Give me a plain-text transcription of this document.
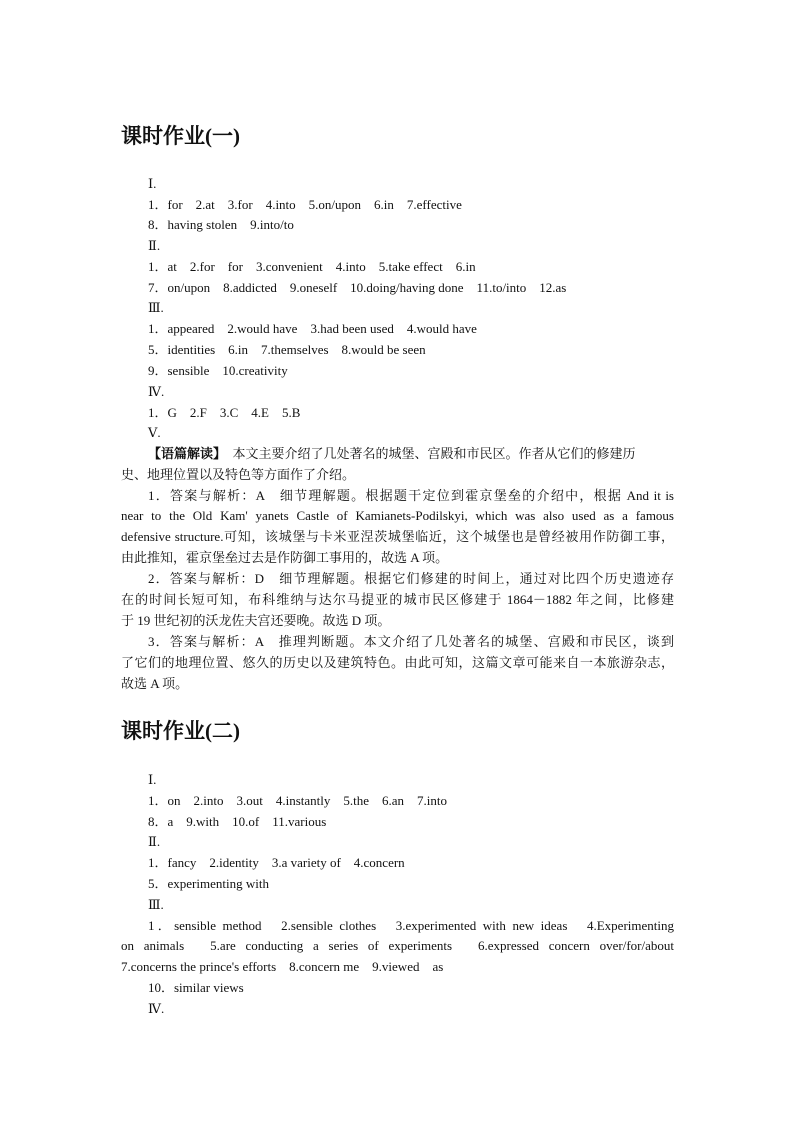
课时作业(一)
Ⅰ.
1．for　2.at　3.for　4.into　5.on/upon　6.in　7.effective
8．having stolen　9.into/to
Ⅱ.
1．at　2.for　for　3.convenient　4.into　5.take effect　6.in
7．on/upon　8.addicted　9.oneself　10.doing/having done　11.to/into　12.as
Ⅲ.
1．appeared　2.would have　3.had been used　4.would have
5．identities　6.in　7.themselves　8.would be seen
9．sensible　10.creativity
Ⅳ.
1．G　2.F　3.C　4.E　5.B
Ⅴ.
【语篇解读】　本文主要介绍了几处著名的城堡、宫殿和市民区。作者从它们的修建历
史、地理位置以及特色等方面作了介绍。
1．答案与解析：A　细节理解题。根据题干定位到霍京堡垒的介绍中，根据 And it is
near to the Old Kam' yanets Castle of Kamianets-Podilskyi, which was also used as a famous
defensive structure.可知，该城堡与卡米亚涅茨城堡临近，这个城堡也是曾经被用作防御工事，
由此推知，霍京堡垒过去是作防御工事用的，故选 A 项。
2．答案与解析：D　细节理解题。根据它们修建的时间上，通过对比四个历史遗迹存
在的时间长短可知，布科维纳与达尔马提亚的城市民区修建于 1864－1882 年之间，比修建
于 19 世纪初的沃龙佐夫宫还要晚。故选 D 项。
3．答案与解析：A　推理判断题。本文介绍了几处著名的城堡、宫殿和市民区，谈到
了它们的地理位置、悠久的历史以及建筑特色。由此可知，这篇文章可能来自一本旅游杂志，
故选 A 项。
课时作业(二)
Ⅰ.
1．on　2.into　3.out　4.instantly　5.the　6.an　7.into
8．a　9.with　10.of　11.various
Ⅱ.
1．fancy　2.identity　3.a variety of　4.concern
5．experimenting with
Ⅲ.
1．sensible method　2.sensible clothes　3.experimented with new ideas　4.Experimenting
on animals　5.are conducting a series of experiments　6.expressed concern over/for/about
7.concerns the prince's efforts　8.concern me　9.viewed　as
10．similar views
Ⅳ.
